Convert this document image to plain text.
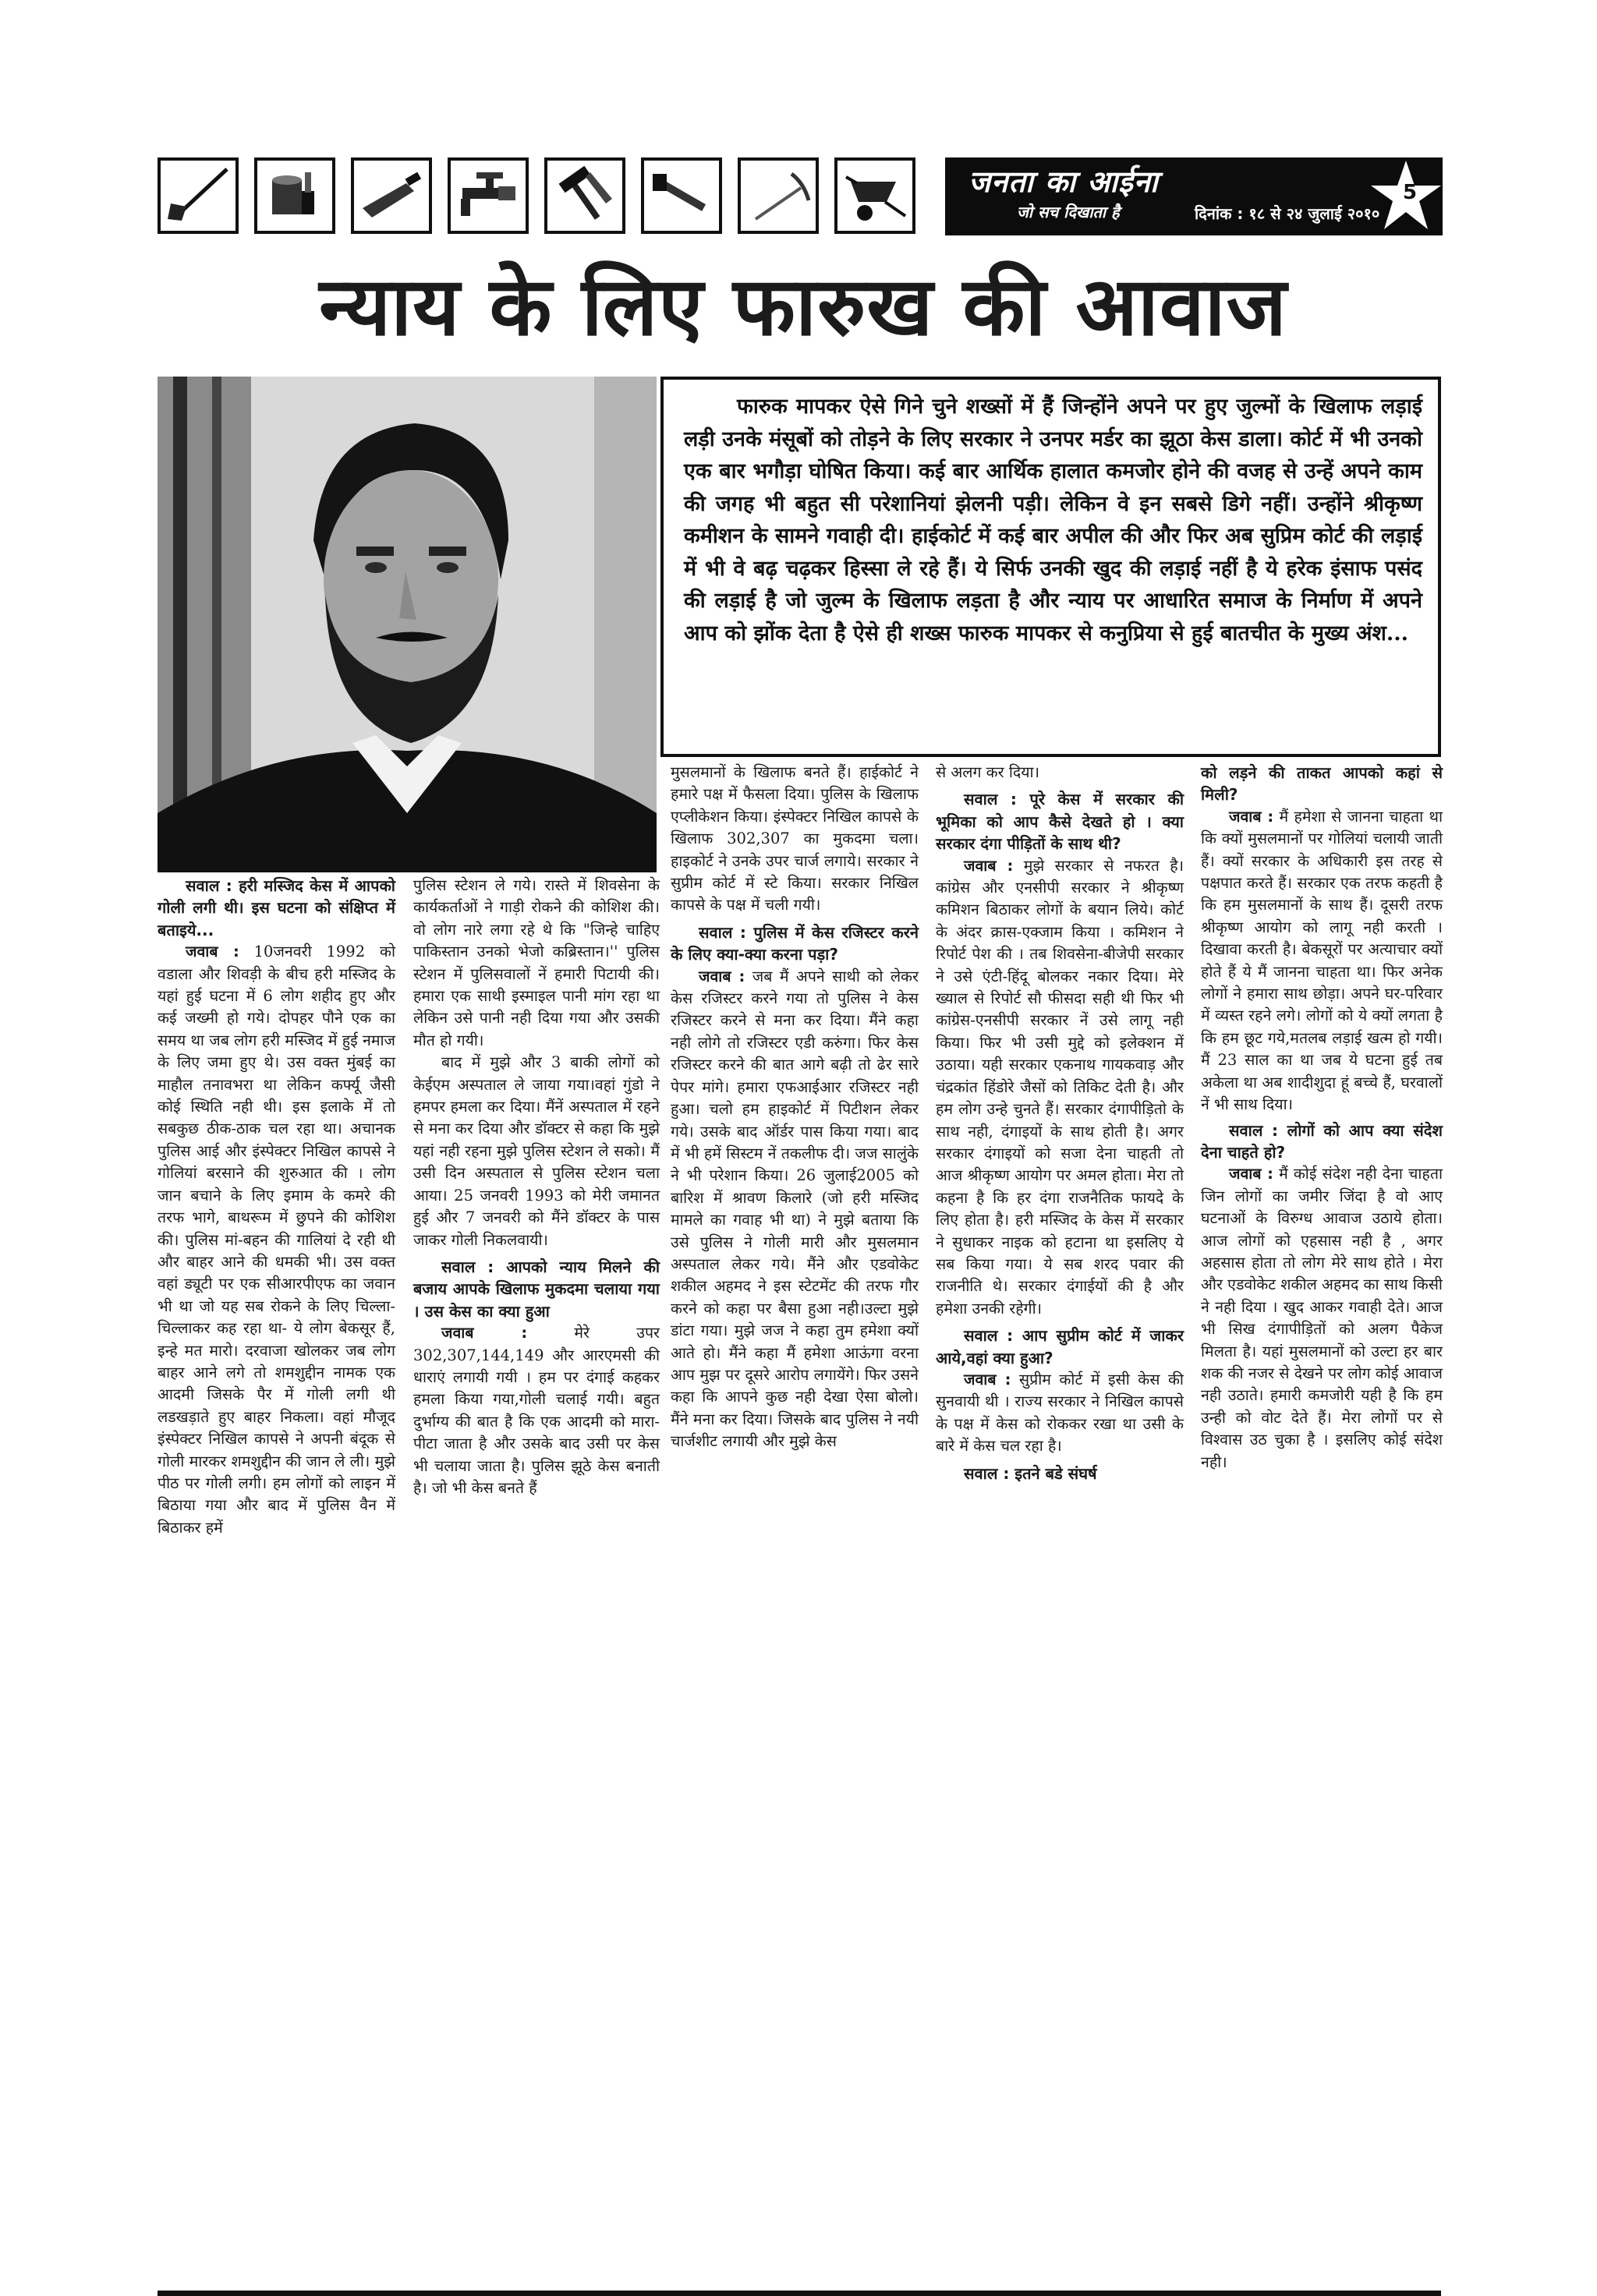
जनता का आईना
जो सच दिखाता है	दिनांक : १८ से २४ जुलाई २०१०
5
न्याय के लिए फारुख की आवाज

फारुक मापकर ऐसे गिने चुने शख्सों में हैं जिन्होंने अपने पर हुए जुल्मों के खिलाफ लड़ाई लड़ी उनके मंसूबों को तोड़ने के लिए सरकार ने उनपर मर्डर का झूठा केस डाला। कोर्ट में भी उनको एक बार भगौड़ा घोषित किया। कई बार आर्थिक हालात कमजोर होने की वजह से उन्हें अपने काम की जगह भी बहुत सी परेशानियां झेलनी पड़ी। लेकिन वे इन सबसे डिगे नहीं। उन्होंने श्रीकृष्ण कमीशन के सामने गवाही दी। हाईकोर्ट में कई बार अपील की और फिर अब सुप्रिम कोर्ट की लड़ाई में भी वे बढ़ चढ़कर हिस्सा ले रहे हैं। ये सिर्फ उनकी खुद की लड़ाई नहीं है ये हरेक इंसाफ पसंद की लड़ाई है जो जुल्म के खिलाफ लड़ता है और न्याय पर आधारित समाज के निर्माण में अपने आप को झोंक देता है ऐसे ही शख्स फारुक मापकर से कनुप्रिया से हुई बातचीत के मुख्य अंश...

सवाल : हरी मस्जिद केस में आपको गोली लगी थी। इस घटना को संक्षिप्त में बताइये...

जवाब : 10जनवरी 1992 को वडाला और शिवड़ी के बीच हरी मस्जिद के यहां हुई घटना में 6 लोग शहीद हुए और कई जख्मी हो गये। दोपहर पौने एक का समय था जब लोग हरी मस्जिद में हुई नमाज के लिए जमा हुए थे। उस वक्त मुंबई का माहौल तनावभरा था लेकिन कर्फ्यू जैसी कोई स्थिति नही थी। इस इलाके में तो सबकुछ ठीक-ठाक चल रहा था। अचानक पुलिस आई और इंस्पेक्टर निखिल कापसे ने गोलियां बरसाने की शुरुआत की । लोग जान बचाने के लिए इमाम के कमरे की तरफ भागे, बाथरूम में छुपने की कोशिश की। पुलिस मां-बहन की गालियां दे रही थी और बाहर आने की धमकी भी। उस वक्त वहां ड्यूटी पर एक सीआरपीएफ का जवान भी था जो यह सब रोकने के लिए चिल्ला-चिल्लाकर कह रहा था- ये लोग बेकसूर हैं, इन्हे मत मारो। दरवाजा खोलकर जब लोग बाहर आने लगे तो शमशुद्दीन नामक एक आदमी जिसके पैर में गोली लगी थी लडखड़ाते हुए बाहर निकला। वहां मौजूद इंस्पेक्टर निखिल कापसे ने अपनी बंदूक से गोली मारकर शमशुद्दीन की जान ले ली। मुझे पीठ पर गोली लगी। हम लोगों को लाइन में बिठाया गया और बाद में पुलिस वैन में बिठाकर हमें

पुलिस स्टेशन ले गये। रास्ते में शिवसेना के कार्यकर्ताओं ने गाड़ी रोकने की कोशिश की। वो लोग नारे लगा रहे थे कि "जिन्हे चाहिए पाकिस्तान उनको भेजो कब्रिस्तान।'' पुलिस स्टेशन में पुलिसवालों नें हमारी पिटायी की। हमारा एक साथी इस्माइल पानी मांग रहा था लेकिन उसे पानी नही दिया गया और उसकी मौत हो गयी।

बाद में मुझे और 3 बाकी लोगों को केईएम अस्पताल ले जाया गया।वहां गुंडो ने हमपर हमला कर दिया। मैंनें अस्पताल में रहने से मना कर दिया और डॉक्टर से कहा कि मुझे यहां नही रहना मुझे पुलिस स्टेशन ले सको। मैं उसी दिन अस्पताल से पुलिस स्टेशन चला आया। 25 जनवरी 1993 को मेरी जमानत हुई और 7 जनवरी को मैंने डॉक्टर के पास जाकर गोली निकलवायी।

सवाल : आपको न्याय मिलने की बजाय आपके खिलाफ मुकदमा चलाया गया । उस केस का क्या हुआ

जवाब :	मेरे उपर 302,307,144,149 और आरएमसी की धाराएं लगायी गयी । हम पर दंगाई कहकर हमला किया गया,गोली चलाई गयी। बहुत दुर्भाग्य की बात है कि एक आदमी को मारा-पीटा जाता है और उसके बाद उसी पर केस भी चलाया जाता है। पुलिस झूठे केस बनाती है। जो भी केस बनते हैं

मुसलमानों के खिलाफ बनते हैं। हाईकोर्ट ने हमारे पक्ष में फैसला दिया। पुलिस के खिलाफ एप्लीकेशन किया। इंस्पेक्टर निखिल कापसे के खिलाफ 302,307 का मुकदमा चला। हाइकोर्ट ने उनके उपर चार्ज लगाये। सरकार ने सुप्रीम कोर्ट में स्टे किया। सरकार निखिल कापसे के पक्ष में चली गयी।

सवाल : पुलिस में केस रजिस्टर करने के लिए क्या-क्या करना पड़ा?

जवाब : जब मैं अपने साथी को लेकर केस रजिस्टर करने गया तो पुलिस ने केस रजिस्टर करने से मना कर दिया। मैंने कहा नही लोगे तो रजिस्टर एडी करुंगा। फिर केस रजिस्टर करने की बात आगे बढ़ी तो ढेर सारे पेपर मांगे। हमारा एफआईआर रजिस्टर नही हुआ। चलो हम हाइकोर्ट में पिटीशन लेकर गये। उसके बाद ऑर्डर पास किया गया। बाद में भी हमें सिस्टम नें तकलीफ दी। जज सालुंके ने भी परेशान किया। 26 जुलाई2005 को बारिश में श्रावण किलारे (जो हरी मस्जिद मामले का गवाह भी था) ने मुझे बताया कि उसे पुलिस ने गोली मारी और मुसलमान अस्पताल लेकर गये। मैंने और एडवोकेट शकील अहमद ने इस स्टेटमेंट की तरफ गौर करने को कहा पर बैसा हुआ नही।उल्टा मुझे डांटा गया। मुझे जज ने कहा तुम हमेशा क्यों आते हो। मैंने कहा मैं हमेशा आऊंगा वरना आप मुझ पर दूसरे आरोप लगायेंगे। फिर उसने कहा कि आपने कुछ नही देखा ऐसा बोलो। मैंने मना कर दिया। जिसके बाद पुलिस ने नयी चार्जशीट लगायी और मुझे केस

से अलग कर दिया।

सवाल : पूरे केस में सरकार की भूमिका को आप कैसे देखते हो । क्या सरकार दंगा पीड़ितों के साथ थी?

जवाब : मुझे सरकार से नफरत है। कांग्रेस और एनसीपी सरकार ने श्रीकृष्ण कमिशन बिठाकर लोगों के बयान लिये। कोर्ट के अंदर क्रास-एक्जाम किया । कमिशन ने रिपोर्ट पेश की । तब शिवसेना-बीजेपी सरकार ने उसे एंटी-हिंदू बोलकर नकार दिया। मेरे ख्याल से रिपोर्ट सौ फीसदा सही थी फिर भी कांग्रेस-एनसीपी सरकार नें उसे लागू नही किया। फिर भी उसी मुद्दे को इलेक्शन में उठाया। यही सरकार एकनाथ गायकवाड़ और चंद्रकांत हिंडोरे जैसों को तिकिट देती है। और हम लोग उन्हे चुनते हैं। सरकार दंगापीड़ितो के साथ नही, दंगाइयों के साथ होती है। अगर सरकार दंगाइयों को सजा देना चाहती तो आज श्रीकृष्ण आयोग पर अमल होता। मेरा तो कहना है कि हर दंगा राजनैतिक फायदे के लिए होता है। हरी मस्जिद के केस में सरकार ने सुधाकर नाइक को हटाना था इसलिए ये सब किया गया। ये सब शरद पवार की राजनीति थे। सरकार दंगाईयों की है और हमेशा उनकी रहेगी।

सवाल : आप सुप्रीम कोर्ट में जाकर आये,वहां क्या हुआ?

जवाब : सुप्रीम कोर्ट में इसी केस की सुनवायी थी । राज्य सरकार ने निखिल कापसे के पक्ष में केस को रोककर रखा था उसी के बारे में केस चल रहा है।

सवाल : इतने बडे संघर्ष

को लड़ने की ताकत आपको कहां से मिली?

जवाब : मैं हमेशा से जानना चाहता था कि क्यों मुसलमानों पर गोलियां चलायी जाती हैं। क्यों सरकार के अधिकारी इस तरह से पक्षपात करते हैं। सरकार एक तरफ कहती है कि हम मुसलमानों के साथ हैं। दूसरी तरफ श्रीकृष्ण आयोग को लागू नही करती । दिखावा करती है। बेकसूरों पर अत्याचार क्यों होते हैं ये मैं जानना चाहता था। फिर अनेक लोगों ने हमारा साथ छोड़ा। अपने घर-परिवार में व्यस्त रहने लगे। लोगों को ये क्यों लगता है कि हम छूट गये,मतलब लड़ाई खत्म हो गयी। मैं 23 साल का था जब ये घटना हुई तब अकेला था अब शादीशुदा हूं बच्चे हैं, घरवालों नें भी साथ दिया।

सवाल : लोगों को आप क्या संदेश देना चाहते हो?

जवाब : मैं कोई संदेश नही देना चाहता जिन लोगों का जमीर जिंदा है वो आए घटनाओं के विरुग्ध आवाज उठाये होता। आज लोगों को एहसास नही है , अगर अहसास होता तो लोग मेरे साथ होते । मेरा और एडवोकेट शकील अहमद का साथ किसी ने नही दिया । खुद आकर गवाही देते। आज भी सिख दंगापीड़ितों को अलग पैकेज मिलता है। यहां मुसलमानों को उल्टा हर बार शक की नजर से देखने पर लोग कोई आवाज नही उठाते। हमारी कमजोरी यही है कि हम उन्ही को वोट देते हैं। मेरा लोगों पर से विश्वास उठ चुका है । इसलिए कोई संदेश नही।
